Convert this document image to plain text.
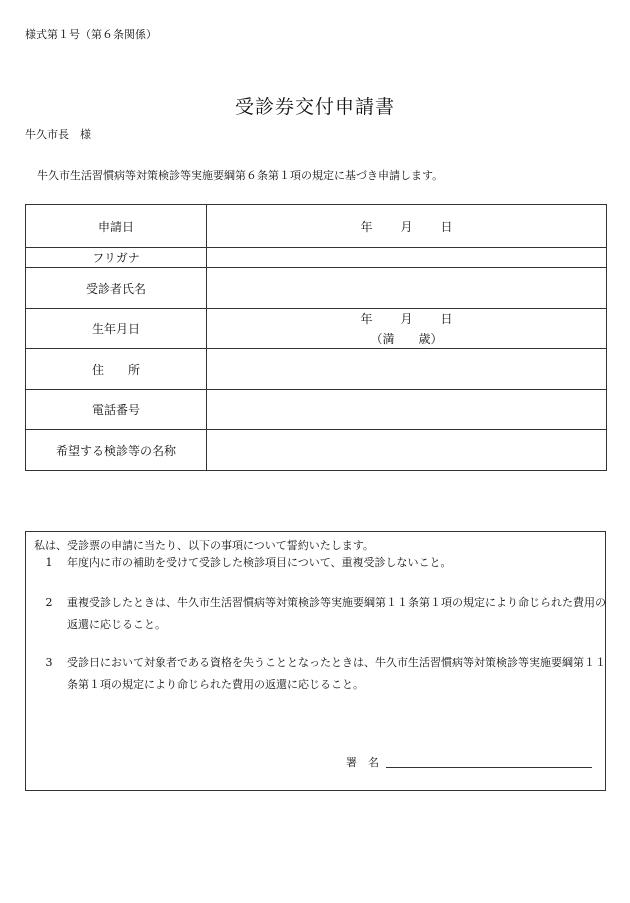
様式第１号（第６条関係）
受診券交付申請書
牛久市長　様
牛久市生活習慣病等対策検診等実施要綱第６条第１項の規定に基づき申請します。
申請日	年 月 日
フリガナ	
受診者氏名	
生年月日	年 月 日
（満 歳）

住　　所	
電話番号	
希望する検診等の名称	
私は、受診票の申請に当たり、以下の事項について誓約いたします。
1	年度内に市の補助を受けて受診した検診項目について、重複受診しないこと。
2	重複受診したときは、牛久市生活習慣病等対策検診等実施要綱第１１条第１項の規定により命じられた費用の返還に応じること。
3	受診日において対象者である資格を失うこととなったときは、牛久市生活習慣病等対策検診等実施要綱第１１条第１項の規定により命じられた費用の返還に応じること。
署　名
